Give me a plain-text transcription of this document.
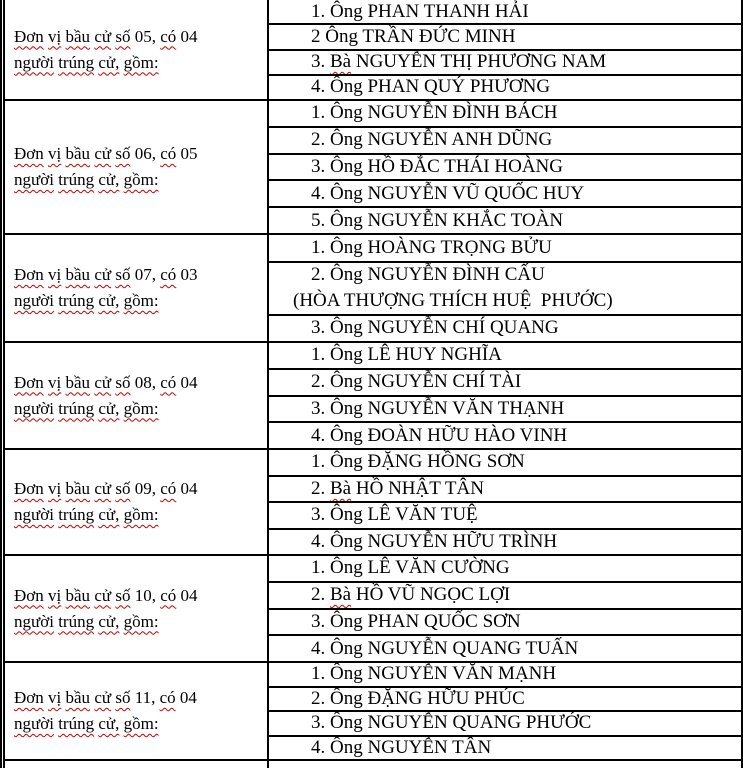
Đơn vị bầu cử số 05, có 04
người trúng cử, gồm:
1. Ông PHAN THANH HẢI
2 Ông TRẦN ĐỨC MINH
3. Bà NGUYỄN THỊ PHƯƠNG NAM
4. Ông PHAN QUÝ PHƯƠNG
Đơn vị bầu cử số 06, có 05
người trúng cử, gồm:
1. Ông NGUYỄN ĐÌNH BÁCH
2. Ông NGUYỄN ANH DŨNG
3. Ông HỒ ĐẮC THÁI HOÀNG
4. Ông NGUYỄN VŨ QUỐC HUY
5. Ông NGUYỄN KHẮC TOÀN
Đơn vị bầu cử số 07, có 03
người trúng cử, gồm:
1. Ông HOÀNG TRỌNG BỬU
2. Ông NGUYỄN ĐÌNH CẤU
(HÒA THƯỢNG THÍCH HUỆ PHƯỚC)
3. Ông NGUYỄN CHÍ QUANG
Đơn vị bầu cử số 08, có 04
người trúng cử, gồm:
1. Ông LÊ HUY NGHĨA
2. Ông NGUYỄN CHÍ TÀI
3. Ông NGUYỄN VĂN THẠNH
4. Ông ĐOÀN HỮU HÀO VINH
Đơn vị bầu cử số 09, có 04
người trúng cử, gồm:
1. Ông ĐẶNG HỒNG SƠN
2. Bà HỒ NHẬT TÂN
3. Ông LÊ VĂN TUỆ
4. Ông NGUYỄN HỮU TRÌNH
Đơn vị bầu cử số 10, có 04
người trúng cử, gồm:
1. Ông LÊ VĂN CƯỜNG
2. Bà HỒ VŨ NGỌC LỢI
3. Ông PHAN QUỐC SƠN
4. Ông NGUYỄN QUANG TUẤN
Đơn vị bầu cử số 11, có 04
người trúng cử, gồm:
1. Ông NGUYỄN VĂN MẠNH
2. Ông ĐẶNG HỮU PHÚC
3. Ông NGUYỄN QUANG PHƯỚC
4. Ông NGUYỄN TÂN
